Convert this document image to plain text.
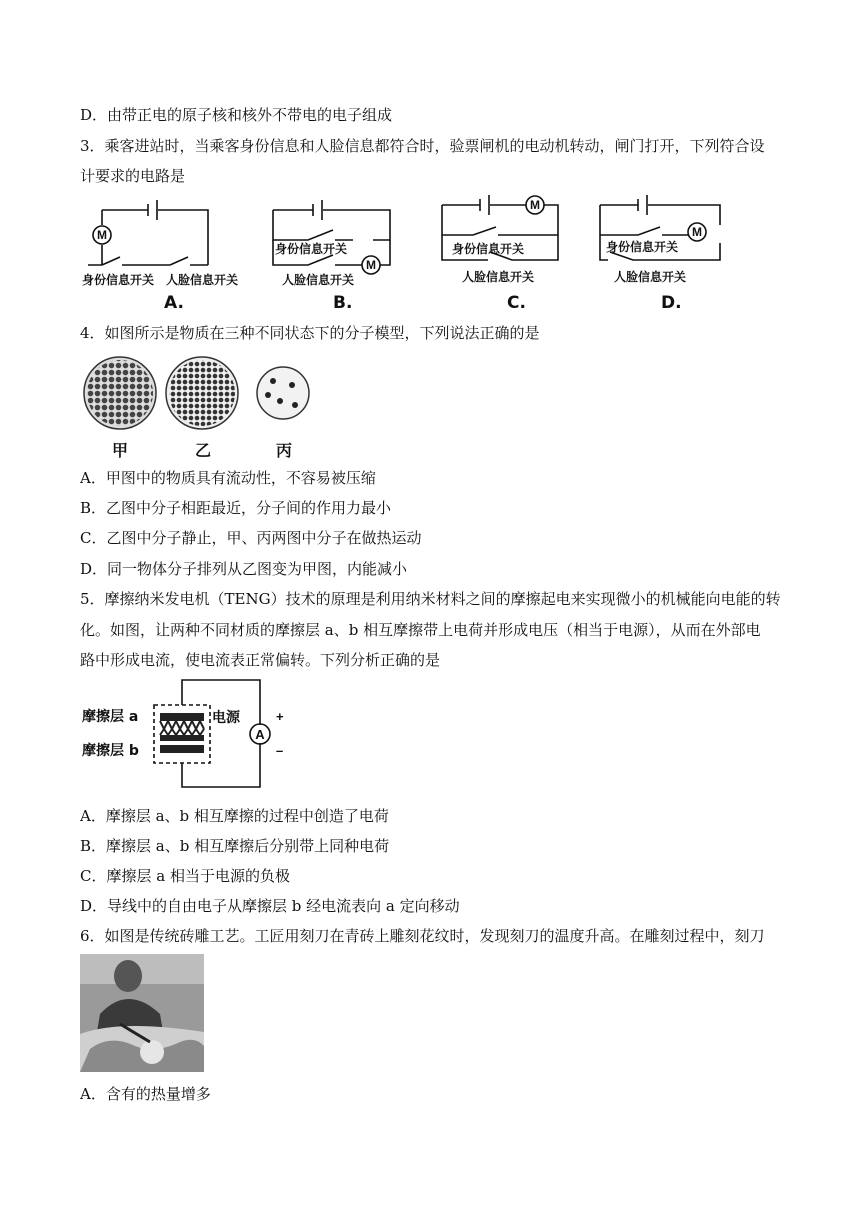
D．由带正电的原子核和核外不带电的电子组成
3．乘客进站时，当乘客身份信息和人脸信息都符合时，验票闸机的电动机转动，闸门打开，下列符合设
计要求的电路是
M
M
M
M
身份信息开关 人脸信息开关
身份信息开关
人脸信息开关
身份信息开关
人脸信息开关
身份信息开关
人脸信息开关
A.	B.	C.	D.
4．如图所示是物质在三种不同状态下的分子模型，下列说法正确的是
甲	乙	丙
A．甲图中的物质具有流动性，不容易被压缩
B．乙图中分子相距最近，分子间的作用力最小
C．乙图中分子静止，甲、丙两图中分子在做热运动
D．同一物体分子排列从乙图变为甲图，内能减小
5．摩擦纳米发电机（TENG）技术的原理是利用纳米材料之间的摩擦起电来实现微小的机械能向电能的转
化。如图，让两种不同材质的摩擦层 a、b 相互摩擦带上电荷并形成电压（相当于电源），从而在外部电
路中形成电流，使电流表正常偏转。下列分析正确的是
A
+
–
摩擦层 a
摩擦层 b
电源
A．摩擦层 a、b 相互摩擦的过程中创造了电荷
B．摩擦层 a、b 相互摩擦后分别带上同种电荷
C．摩擦层 a 相当于电源的负极
D．导线中的自由电子从摩擦层 b 经电流表向 a 定向移动
6．如图是传统砖雕工艺。工匠用刻刀在青砖上雕刻花纹时，发现刻刀的温度升高。在雕刻过程中，刻刀
A．含有的热量增多
